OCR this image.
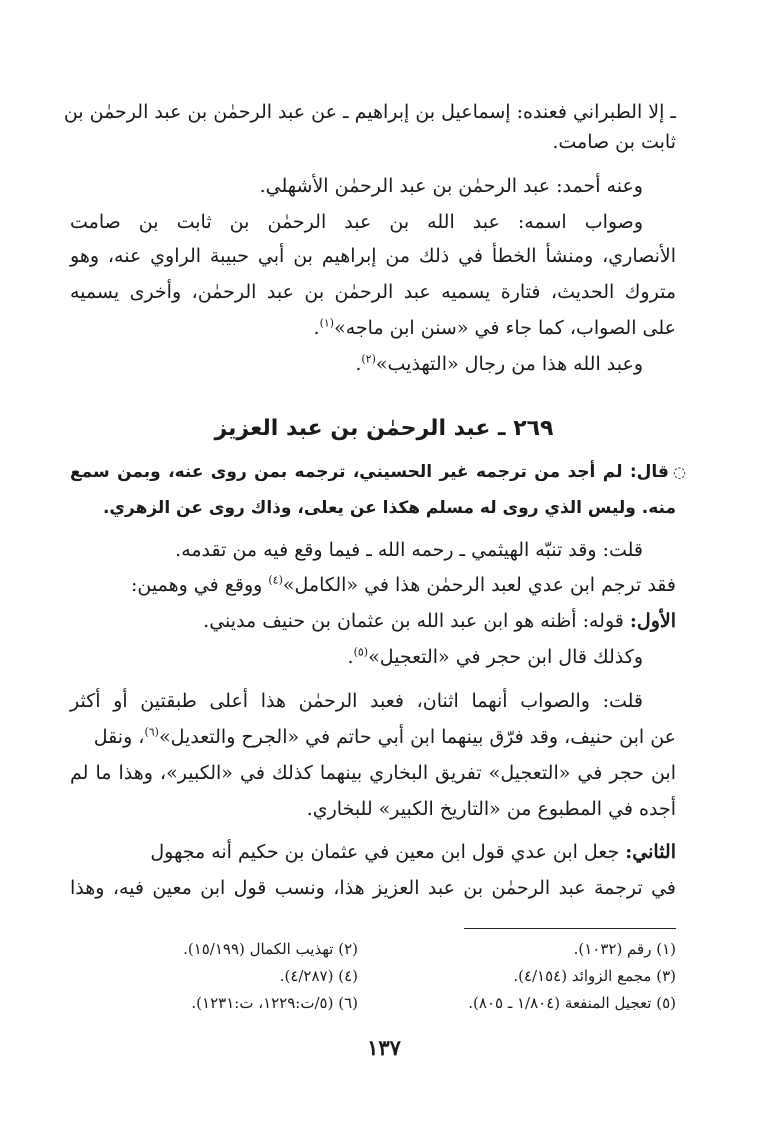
ـ إلا الطبراني فعنده: إسماعيل بن إبراهيم ـ عن عبد الرحمٰن بن عبد الرحمٰن بن
ثابت بن صامت.
وعنه أحمد: عبد الرحمٰن بن عبد الرحمٰن الأشهلي.
وصواب اسمه: عبد الله بن عبد الرحمٰن بن ثابت بن صامت
الأنصاري، ومنشأ الخطأ في ذلك من إبراهيم بن أبي حبيبة الراوي عنه، وهو
متروك الحديث، فتارة يسميه عبد الرحمٰن بن عبد الرحمٰن، وأخرى يسميه
على الصواب، كما جاء في «سنن ابن ماجه»$^{(١)}$.
وعبد الله هذا من رجال «التهذيب»$^{(٢)}$.
٢٦٩ ـ عبد الرحمٰن بن عبد العزيز
◌قال: لم أجد من ترجمه غير الحسيني، ترجمه بمن روى عنه، وبمن سمع
منه. وليس الذي روى له مسلم هكذا عن يعلى، وذاك روى عن الزهري.
قلت: وقد تنبّه الهيثمي ـ رحمه الله ـ فيما وقع فيه من تقدمه.
فقد ترجم ابن عدي لعبد الرحمٰن هذا في «الكامل»$^{(٤)}$ ووقع في وهمين:
الأول: قوله: أظنه هو ابن عبد الله بن عثمان بن حنيف مديني.
وكذلك قال ابن حجر في «التعجيل»$^{(٥)}$.
قلت: والصواب أنهما اثنان، فعبد الرحمٰن هذا أعلى طبقتين أو أكثر
عن ابن حنيف، وقد فرّق بينهما ابن أبي حاتم في «الجرح والتعديل»$^{(٦)}$، ونقل
ابن حجر في «التعجيل» تفريق البخاري بينهما كذلك في «الكبير»، وهذا ما لم
أجده في المطبوع من «التاريخ الكبير» للبخاري.
الثاني: جعل ابن عدي قول ابن معين في عثمان بن حكيم أنه مجهول
في ترجمة عبد الرحمٰن بن عبد العزيز هذا، ونسب قول ابن معين فيه، وهذا
(١) رقم (١٠٣٢).
(٢) تهذيب الكمال (١٥/١٩٩).
(٣) مجمع الزوائد (٤/١٥٤).
(٤) (٤/٢٨٧).
(٥) تعجيل المنفعة (١/٨٠٤ ـ ٨٠٥).
(٦) (٥/ت:١٢٢٩، ت:١٢٣١).
١٣٧
